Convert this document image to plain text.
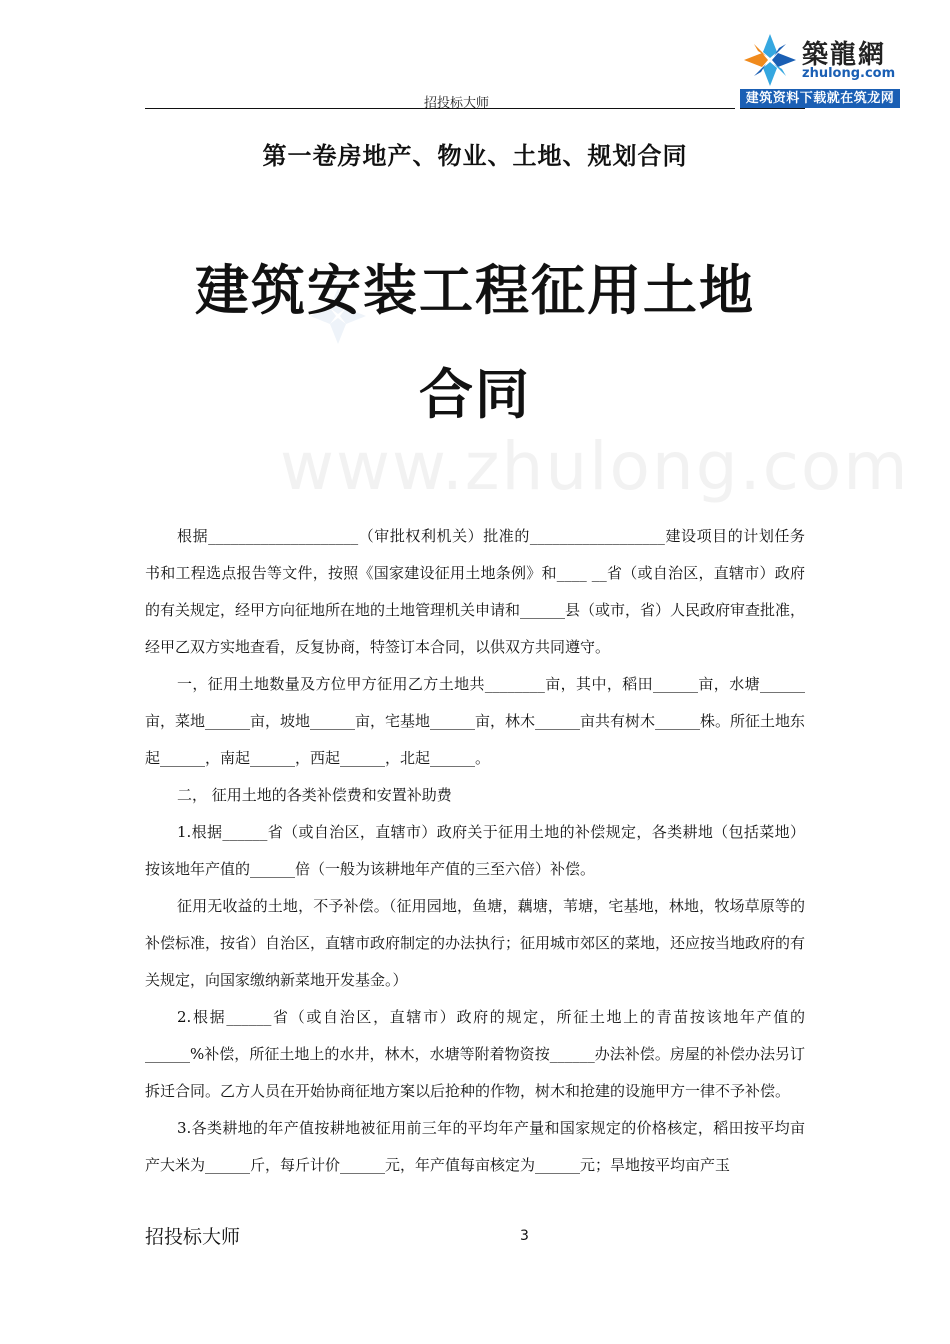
招投标大师
築龍網
zhulong.com
建筑资料下载就在筑龙网
第一卷房地产、物业、土地、规划合同
www.zhulong.com
建筑安装工程征用土地
合同

根据____________________（审批权利机关）批准的__________________建设项目的计划任务书和工程选点报告等文件，按照《国家建设征用土地条例》和____ __省（或自治区，直辖市）政府的有关规定，经甲方向征地所在地的土地管理机关申请和______县（或市，省）人民政府审查批准，经甲乙双方实地查看，反复协商，特签订本合同，以供双方共同遵守。

一，征用土地数量及方位甲方征用乙方土地共________亩，其中，稻田______亩，水塘______亩，菜地______亩，坡地______亩，宅基地______亩，林木______亩共有树木______株。所征土地东起______，南起______，西起______，北起______。

二， 征用土地的各类补偿费和安置补助费

1.根据______省（或自治区，直辖市）政府关于征用土地的补偿规定，各类耕地（包括菜地）按该地年产值的______倍（一般为该耕地年产值的三至六倍）补偿。

征用无收益的土地，不予补偿。（征用园地，鱼塘，藕塘，苇塘，宅基地，林地，牧场草原等的补偿标准，按省）自治区，直辖市政府制定的办法执行；征用城市郊区的菜地，还应按当地政府的有关规定，向国家缴纳新菜地开发基金。）

2.根据______省（或自治区，直辖市）政府的规定，所征土地上的青苗按该地年产值的______%补偿，所征土地上的水井，林木，水塘等附着物资按______办法补偿。房屋的补偿办法另订拆迁合同。乙方人员在开始协商征地方案以后抢种的作物，树木和抢建的设施甲方一律不予补偿。

3.各类耕地的年产值按耕地被征用前三年的平均年产量和国家规定的价格核定，稻田按平均亩产大米为______斤，每斤计价______元，年产值每亩核定为______元；旱地按平均亩产玉

招投标大师	3
